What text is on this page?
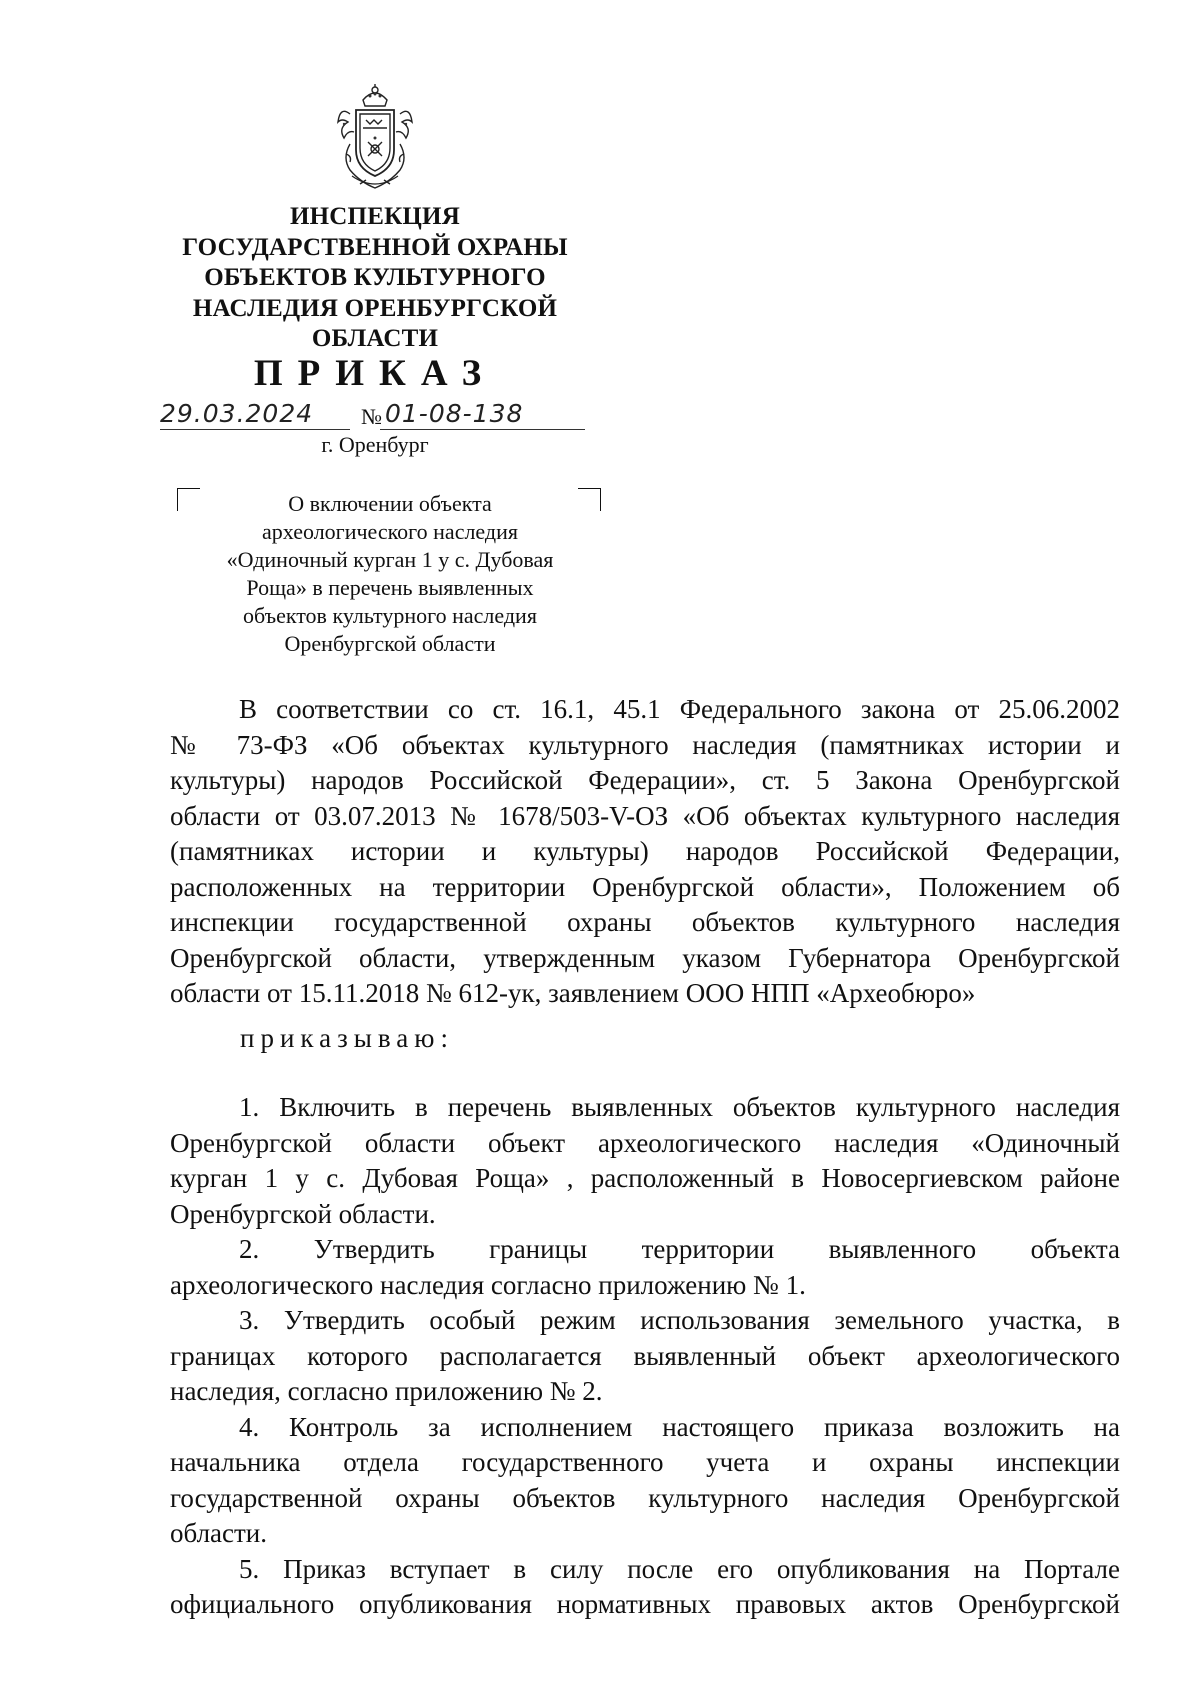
ИНСПЕКЦИЯ
ГОСУДАРСТВЕННОЙ ОХРАНЫ
ОБЪЕКТОВ КУЛЬТУРНОГО
НАСЛЕДИЯ ОРЕНБУРГСКОЙ
ОБЛАСТИ
ПРИКАЗ
29.03.2024 № 01-08-138
г. Оренбург
О включении объекта
археологического наследия
«Одиночный курган 1 у с. Дубовая
Роща» в перечень выявленных
объектов культурного наследия
Оренбургской области
В соответствии со ст. 16.1, 45.1 Федерального закона от 25.06.2002
№ 73-ФЗ «Об объектах культурного наследия (памятниках истории и
культуры) народов Российской Федерации», ст. 5 Закона Оренбургской
области от 03.07.2013 № 1678/503-V-ОЗ «Об объектах культурного наследия
(памятниках истории и культуры) народов Российской Федерации,
расположенных на территории Оренбургской области», Положением об
инспекции государственной охраны объектов культурного наследия
Оренбургской области, утвержденным указом Губернатора Оренбургской
области от 15.11.2018 № 612-ук, заявлением ООО НПП «Археобюро»
приказываю:
1. Включить в перечень выявленных объектов культурного наследия
Оренбургской области объект археологического наследия «Одиночный
курган 1 у с. Дубовая Роща» , расположенный в Новосергиевском районе
Оренбургской области.
2. Утвердить границы территории выявленного объекта
археологического наследия согласно приложению № 1.
3. Утвердить особый режим использования земельного участка, в
границах которого располагается выявленный объект археологического
наследия, согласно приложению № 2.
4. Контроль за исполнением настоящего приказа возложить на
начальника отдела государственного учета и охраны инспекции
государственной охраны объектов культурного наследия Оренбургской
области.
5. Приказ вступает в силу после его опубликования на Портале
официального опубликования нормативных правовых актов Оренбургской
